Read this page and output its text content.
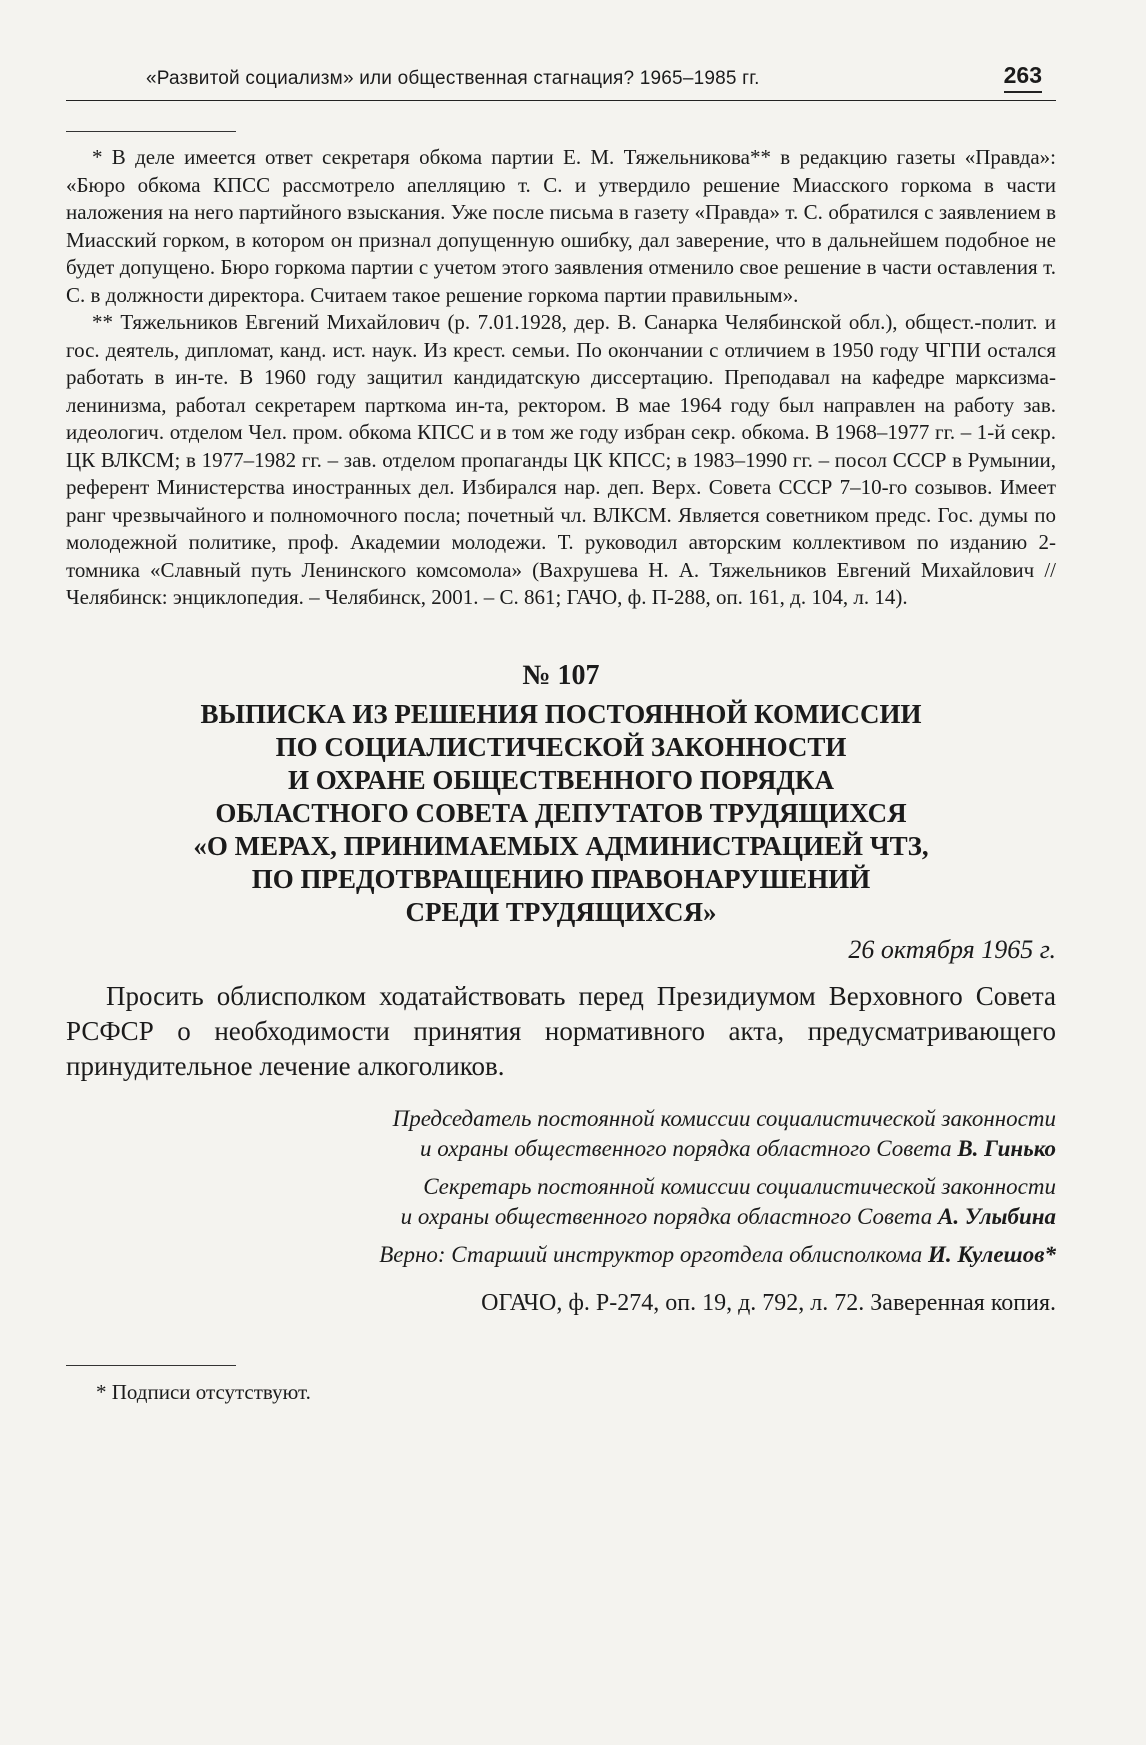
«Развитой социализм» или общественная стагнация? 1965–1985 гг.	263

* В деле имеется ответ секретаря обкома партии Е. М. Тяжельникова** в редакцию газеты «Правда»: «Бюро обкома КПСС рассмотрело апелляцию т. С. и утвердило решение Миасского горкома в части наложения на него партийного взыскания. Уже после письма в газету «Правда» т. С. обратился с заявлением в Миасский горком, в котором он признал допущенную ошибку, дал заверение, что в дальнейшем подобное не будет допущено. Бюро горкома партии с учетом этого заявления отменило свое решение в части оставления т. С. в должности директора. Считаем такое решение горкома партии правильным».

** Тяжельников Евгений Михайлович (р. 7.01.1928, дер. В. Санарка Челябинской обл.), общест.-полит. и гос. деятель, дипломат, канд. ист. наук. Из крест. семьи. По окончании с отличием в 1950 году ЧГПИ остался работать в ин-те. В 1960 году защитил кандидатскую диссертацию. Преподавал на кафедре марксизма-ленинизма, работал секретарем парткома ин-та, ректором. В мае 1964 году был направлен на работу зав. идеологич. отделом Чел. пром. обкома КПСС и в том же году избран секр. обкома. В 1968–1977 гг. – 1-й секр. ЦК ВЛКСМ; в 1977–1982 гг. – зав. отделом пропаганды ЦК КПСС; в 1983–1990 гг. – посол СССР в Румынии, референт Министерства иностранных дел. Избирался нар. деп. Верх. Совета СССР 7–10-го созывов. Имеет ранг чрезвычайного и полномочного посла; почетный чл. ВЛКСМ. Является советником предс. Гос. думы по молодежной политике, проф. Академии молодежи. Т. руководил авторским коллективом по изданию 2-томника «Славный путь Ленинского комсомола» (Вахрушева Н. А. Тяжельников Евгений Михайлович // Челябинск: энциклопедия. – Челябинск, 2001. – С. 861; ГАЧО, ф. П-288, оп. 161, д. 104, л. 14).

№ 107
ВЫПИСКА ИЗ РЕШЕНИЯ ПОСТОЯННОЙ КОМИССИИ
ПО СОЦИАЛИСТИЧЕСКОЙ ЗАКОННОСТИ
И ОХРАНЕ ОБЩЕСТВЕННОГО ПОРЯДКА
ОБЛАСТНОГО СОВЕТА ДЕПУТАТОВ ТРУДЯЩИХСЯ
«О МЕРАХ, ПРИНИМАЕМЫХ АДМИНИСТРАЦИЕЙ ЧТЗ,
ПО ПРЕДОТВРАЩЕНИЮ ПРАВОНАРУШЕНИЙ
СРЕДИ ТРУДЯЩИХСЯ»
26 октября 1965 г.
Просить облисполком ходатайствовать перед Президиумом Верховного Совета РСФСР о необходимости принятия нормативного акта, предусматривающего принудительное лечение алкоголиков.
Председатель постоянной комиссии социалистической законности
и охраны общественного порядка областного Совета В. Гинько
Секретарь постоянной комиссии социалистической законности
и охраны общественного порядка областного Совета А. Улыбина
Верно: Старший инструктор орготдела облисполкома И. Кулешов*
ОГАЧО, ф. Р-274, оп. 19, д. 792, л. 72. Заверенная копия.
* Подписи отсутствуют.
